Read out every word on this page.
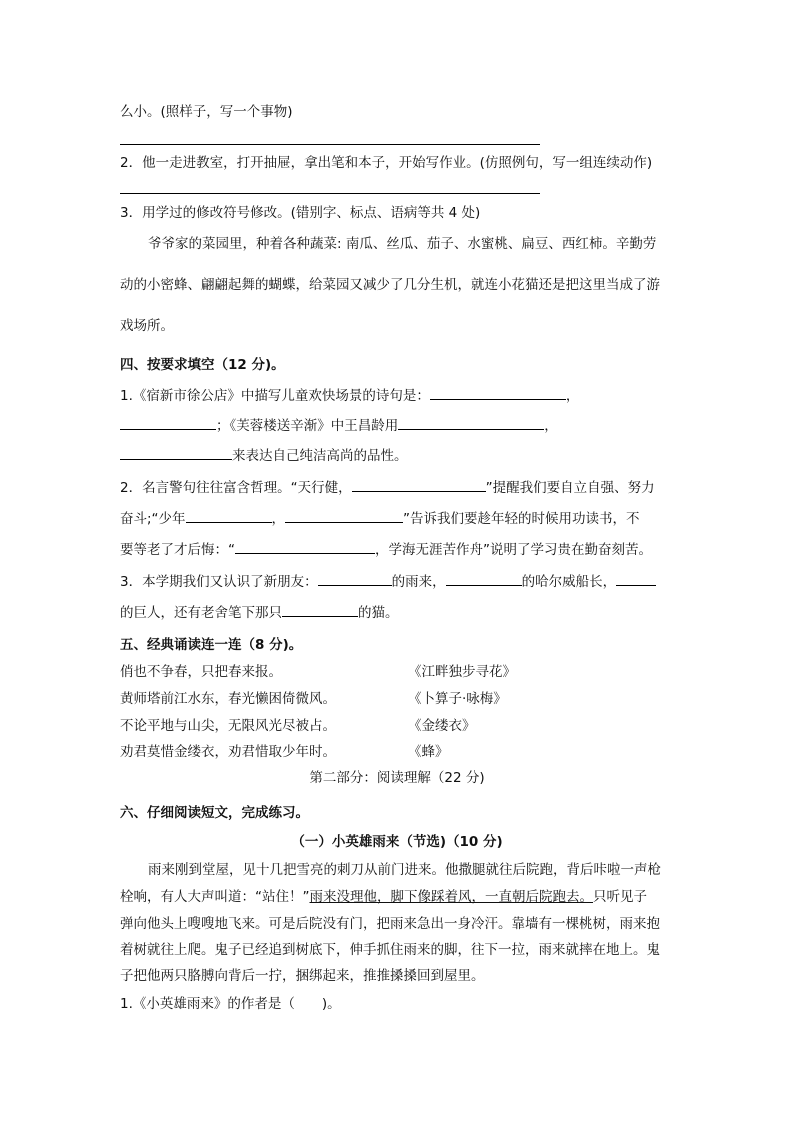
么小。(照样子，写一个事物)
2．他一走进教室，打开抽屉，拿出笔和本子，开始写作业。(仿照例句，写一组连续动作)
3．用学过的修改符号修改。(错别字、标点、语病等共 4 处)
爷爷家的菜园里，种着各种蔬菜: 南瓜、丝瓜、茄子、水蜜桃、扁豆、西红柿。辛勤劳
动的小密蜂、翩翩起舞的蝴蝶，给菜园又减少了几分生机，就连小花猫还是把这里当成了游
戏场所。
四、按要求填空（12 分)。
1.《宿新市徐公店》中描写儿童欢快场景的诗句是：	，
；《芙蓉楼送辛渐》中王昌龄用	，
来表达自己纯洁高尚的品性。
2．名言警句往往富含哲理。“天行健，	”提醒我们要自立自强、努力
奋斗;“少年	，	”告诉我们要趁年轻的时候用功读书，不
要等老了才后悔：“	，学海无涯苦作舟”说明了学习贵在勤奋刻苦。
3．本学期我们又认识了新朋友：	的雨来，	的哈尔威船长，
的巨人，还有老舍笔下那只	的猫。
五、经典诵读连一连（8 分)。
俏也不争春，只把春来报。	《江畔独步寻花》
黄师塔前江水东，春光懒困倚微风。	《卜算子·咏梅》
不论平地与山尖，无限风光尽被占。	《金缕衣》
劝君莫惜金缕衣，劝君惜取少年时。	《蜂》
第二部分：阅读理解（22 分)
六、仔细阅读短文，完成练习。
（一）小英雄雨来（节选)（10 分)
雨来刚到堂屋，见十几把雪亮的刺刀从前门进来。他撒腿就往后院跑，背后咔啦一声枪
栓响，有人大声叫道：“站住！”雨来没理他，脚下像踩着风，一直朝后院跑去。只听见子
弹向他头上嗖嗖地飞来。可是后院没有门，把雨来急出一身冷汗。靠墙有一棵桃树，雨来抱
着树就往上爬。鬼子已经追到树底下，伸手抓住雨来的脚，往下一拉，雨来就摔在地上。鬼
子把他两只胳膊向背后一拧，捆绑起来，推推搡搡回到屋里。
1.《小英雄雨来》的作者是（　　)。
